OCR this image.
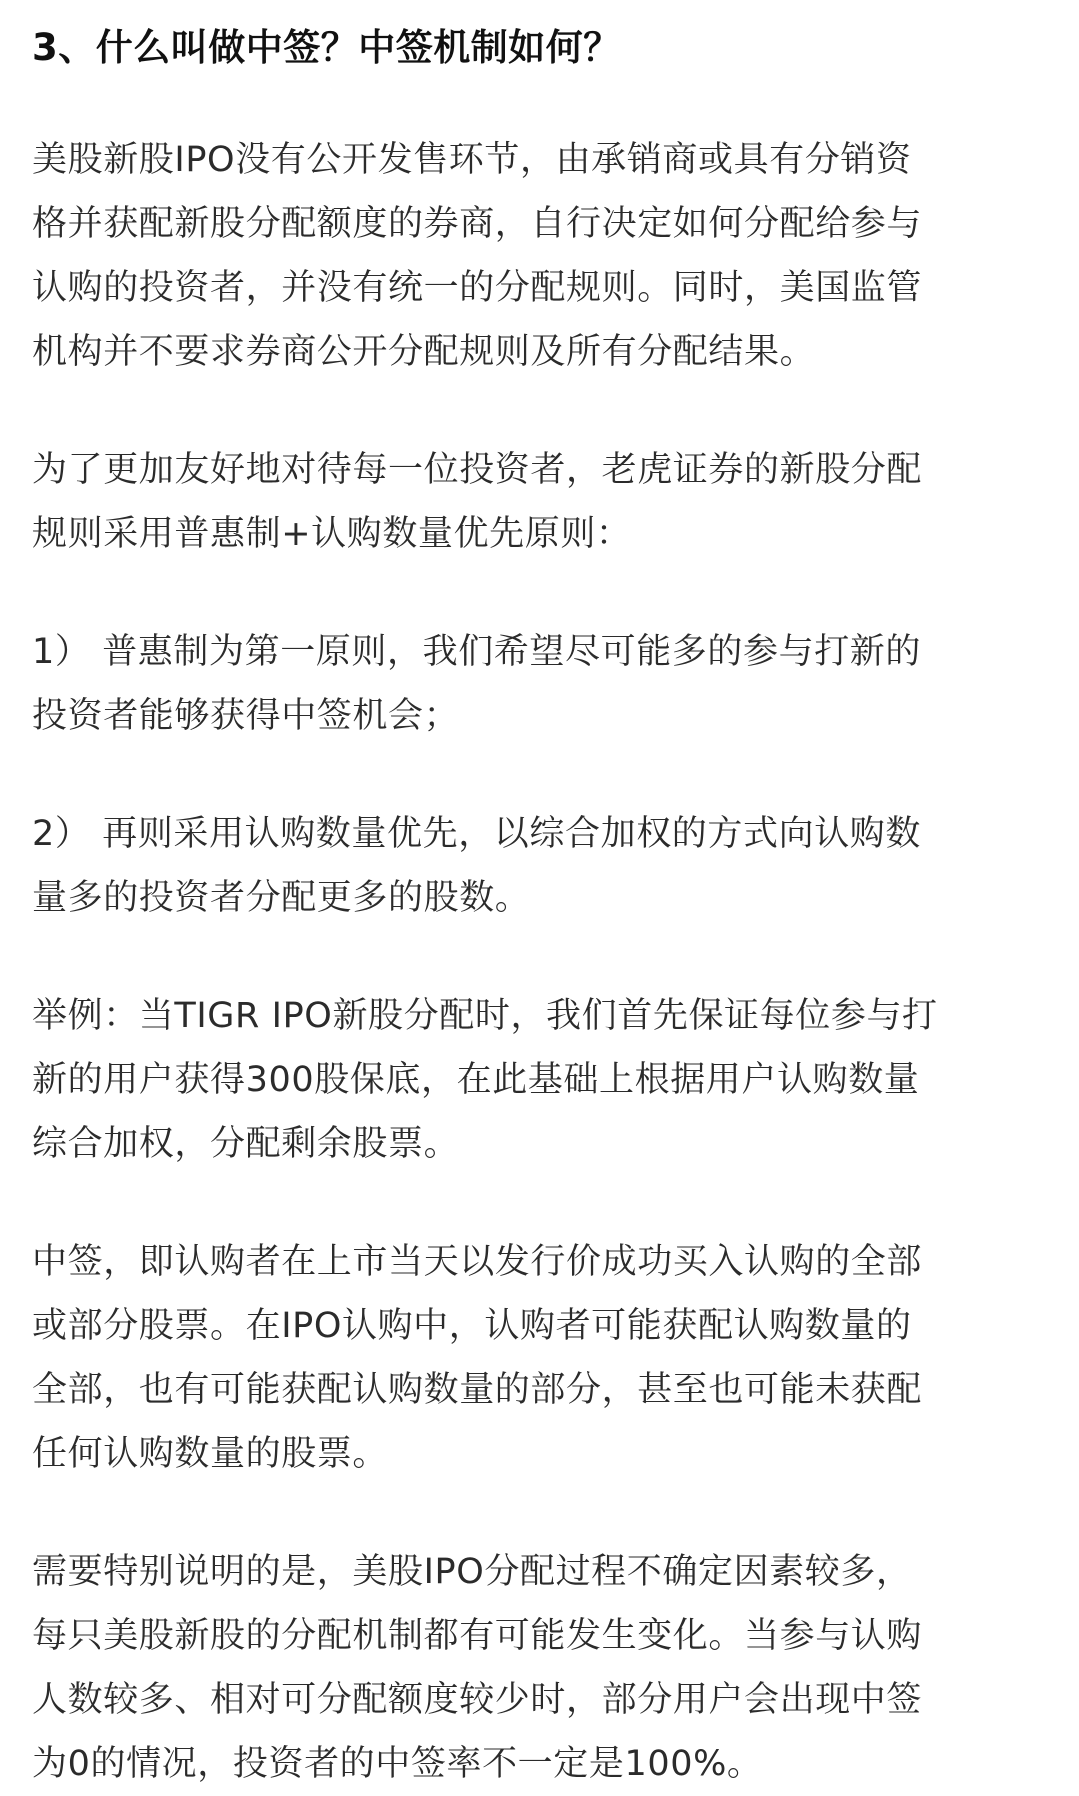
3、什么叫做中签？中签机制如何？

美股新股IPO没有公开发售环节，由承销商或具有分销资
格并获配新股分配额度的券商，自行决定如何分配给参与
认购的投资者，并没有统一的分配规则。同时，美国监管
机构并不要求券商公开分配规则及所有分配结果。

为了更加友好地对待每一位投资者，老虎证券的新股分配
规则采用普惠制+认购数量优先原则：

1） 普惠制为第一原则，我们希望尽可能多的参与打新的
投资者能够获得中签机会；

2） 再则采用认购数量优先，以综合加权的方式向认购数
量多的投资者分配更多的股数。

举例：当TIGR IPO新股分配时，我们首先保证每位参与打
新的用户获得300股保底，在此基础上根据用户认购数量
综合加权，分配剩余股票。

中签，即认购者在上市当天以发行价成功买入认购的全部
或部分股票。在IPO认购中，认购者可能获配认购数量的
全部，也有可能获配认购数量的部分，甚至也可能未获配
任何认购数量的股票。

需要特别说明的是，美股IPO分配过程不确定因素较多，
每只美股新股的分配机制都有可能发生变化。当参与认购
人数较多、相对可分配额度较少时，部分用户会出现中签
为0的情况，投资者的中签率不一定是100%。
